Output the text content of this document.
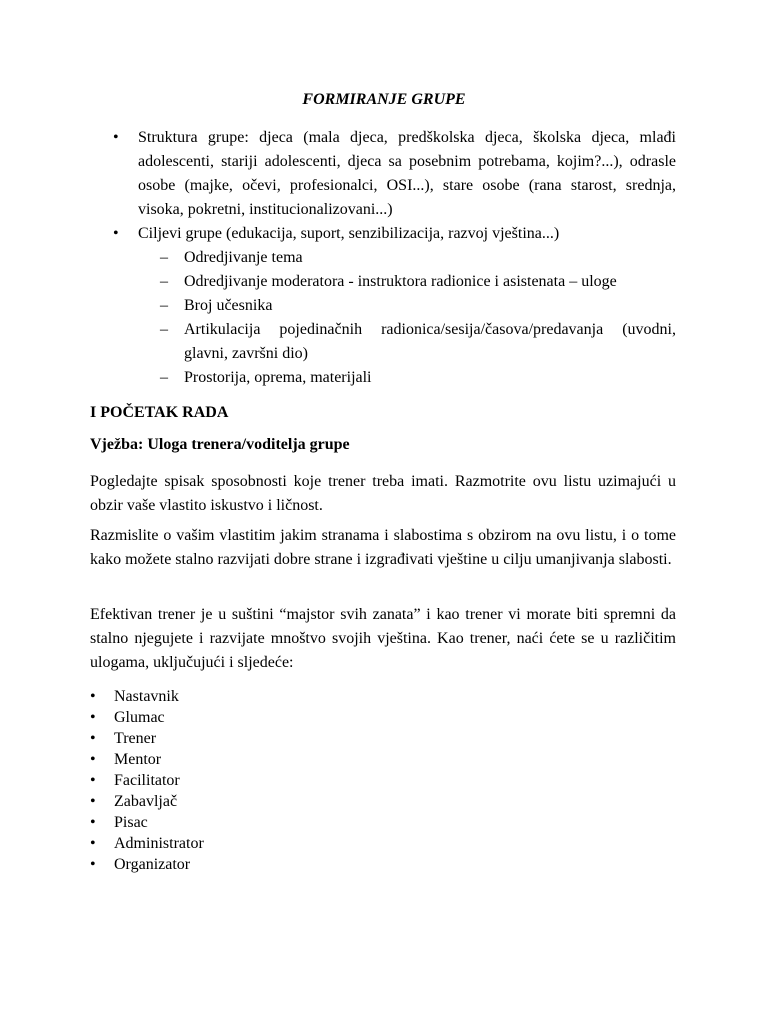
FORMIRANJE GRUPE
• Struktura grupe: djeca (mala djeca, predškolska djeca, školska djeca, mlađi adolescenti, stariji adolescenti, djeca sa posebnim potrebama, kojim?...), odrasle osobe (majke, očevi, profesionalci, OSI...), stare osobe (rana starost, srednja, visoka, pokretni, institucionalizovani...)
• Ciljevi grupe (edukacija, suport, senzibilizacija, razvoj vještina...)
– Odredjivanje tema
– Odredjivanje moderatora - instruktora radionice i asistenata – uloge
– Broj učesnika
– Artikulacija pojedinačnih radionica/sesija/časova/predavanja (uvodni, glavni, završni dio)
– Prostorija, oprema, materijali
I POČETAK RADA
Vježba: Uloga trenera/voditelja grupe

Pogledajte spisak sposobnosti koje trener treba imati. Razmotrite ovu listu uzimajući u obzir vaše vlastito iskustvo i ličnost.

Razmislite o vašim vlastitim jakim stranama i slabostima s obzirom na ovu listu, i o tome kako možete stalno razvijati dobre strane i izgrađivati vještine u cilju umanjivanja slabosti.

Efektivan trener je u suštini “majstor svih zanata” i kao trener vi morate biti spremni da stalno njegujete i razvijate mnoštvo svojih vještina. Kao trener, naći ćete se u različitim ulogama, uključujući i sljedeće:

• Nastavnik
• Glumac
• Trener
• Mentor
• Facilitator
• Zabavljač
• Pisac
• Administrator
• Organizator
